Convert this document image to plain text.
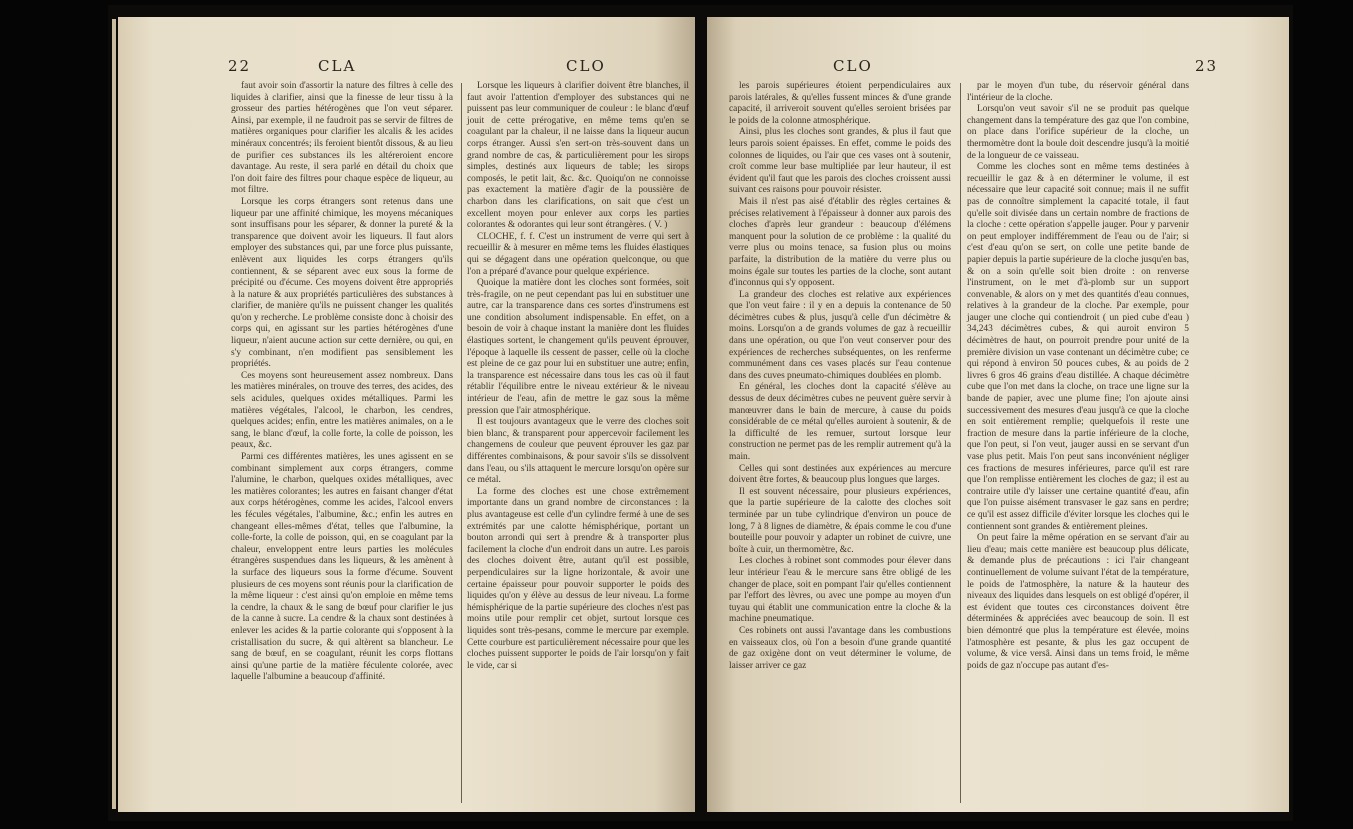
22	CLA	CLO

faut avoir soin d'assortir la nature des filtres à celle des liquides à clarifier, ainsi que la finesse de leur tissu à la grosseur des parties hétérogènes que l'on veut séparer. Ainsi, par exemple, il ne faudroit pas se servir de filtres de matières organiques pour clarifier les alcalis & les acides minéraux concentrés; ils feroient bientôt dissous, & au lieu de purifier ces substances ils les altéreroient encore davantage. Au reste, il sera parlé en détail du choix que l'on doit faire des filtres pour chaque espèce de liqueur, au mot filtre.

Lorsque les corps étrangers sont retenus dans une liqueur par une affinité chimique, les moyens mécaniques sont insuffisans pour les séparer, & donner la pureté & la transparence que doivent avoir les liqueurs. Il faut alors employer des substances qui, par une force plus puissante, enlèvent aux liquides les corps étrangers qu'ils contiennent, & se séparent avec eux sous la forme de précipité ou d'écume. Ces moyens doivent être appropriés à la nature & aux propriétés particulières des substances à clarifier, de manière qu'ils ne puissent changer les qualités qu'on y recherche. Le problème consiste donc à choisir des corps qui, en agissant sur les parties hétérogènes d'une liqueur, n'aient aucune action sur cette dernière, ou qui, en s'y combinant, n'en modifient pas sensiblement les propriétés.

Ces moyens sont heureusement assez nombreux. Dans les matières minérales, on trouve des terres, des acides, des sels acidules, quelques oxides métalliques. Parmi les matières végétales, l'alcool, le charbon, les cendres, quelques acides; enfin, entre les matières animales, on a le sang, le blanc d'œuf, la colle forte, la colle de poisson, les peaux, &c.

Parmi ces différentes matières, les unes agissent en se combinant simplement aux corps étrangers, comme l'alumine, le charbon, quelques oxides métalliques, avec les matières colorantes; les autres en faisant changer d'état aux corps hétérogènes, comme les acides, l'alcool envers les fécules végétales, l'albumine, &c.; enfin les autres en changeant elles-mêmes d'état, telles que l'albumine, la colle-forte, la colle de poisson, qui, en se coagulant par la chaleur, enveloppent entre leurs parties les molécules étrangères suspendues dans les liqueurs, & les amènent à la surface des liqueurs sous la forme d'écume. Souvent plusieurs de ces moyens sont réunis pour la clarification de la même liqueur : c'est ainsi qu'on emploie en même tems la cendre, la chaux & le sang de bœuf pour clarifier le jus de la canne à sucre. La cendre & la chaux sont destinées à enlever les acides & la partie colorante qui s'opposent à la cristallisation du sucre, & qui altèrent sa blancheur. Le sang de bœuf, en se coagulant, réunit les corps flottans ainsi qu'une partie de la matière féculente colorée, avec laquelle l'albumine a beaucoup d'affinité.

Lorsque les liqueurs à clarifier doivent être blanches, il faut avoir l'attention d'employer des substances qui ne puissent pas leur communiquer de couleur : le blanc d'œuf jouit de cette prérogative, en même tems qu'en se coagulant par la chaleur, il ne laisse dans la liqueur aucun corps étranger. Aussi s'en sert-on très-souvent dans un grand nombre de cas, & particulièrement pour les sirops simples, destinés aux liqueurs de table; les sirops composés, le petit lait, &c. &c. Quoiqu'on ne connoisse pas exactement la matière d'agir de la poussière de charbon dans les clarifications, on sait que c'est un excellent moyen pour enlever aux corps les parties colorantes & odorantes qui leur sont étrangères. ( V. )

CLOCHE, f. f. C'est un instrument de verre qui sert à recueillir & à mesurer en même tems les fluides élastiques qui se dégagent dans une opération quelconque, ou que l'on a préparé d'avance pour quelque expérience.

Quoique la matière dont les cloches sont formées, soit très-fragile, on ne peut cependant pas lui en substituer une autre, car la transparence dans ces sortes d'instrumens est une condition absolument indispensable. En effet, on a besoin de voir à chaque instant la manière dont les fluides élastiques sortent, le changement qu'ils peuvent éprouver, l'époque à laquelle ils cessent de passer, celle où la cloche est pleine de ce gaz pour lui en substituer une autre; enfin, la transparence est nécessaire dans tous les cas où il faut rétablir l'équilibre entre le niveau extérieur & le niveau intérieur de l'eau, afin de mettre le gaz sous la même pression que l'air atmosphérique.

Il est toujours avantageux que le verre des cloches soit bien blanc, & transparent pour appercevoir facilement les changemens de couleur que peuvent éprouver les gaz par différentes combinaisons, & pour savoir s'ils se dissolvent dans l'eau, ou s'ils attaquent le mercure lorsqu'on opère sur ce métal.

La forme des cloches est une chose extrêmement importante dans un grand nombre de circonstances : la plus avantageuse est celle d'un cylindre fermé à une de ses extrémités par une calotte hémisphérique, portant un bouton arrondi qui sert à prendre & à transporter plus facilement la cloche d'un endroit dans un autre. Les parois des cloches doivent être, autant qu'il est possible, perpendiculaires sur la ligne horizontale, & avoir une certaine épaisseur pour pouvoir supporter le poids des liquides qu'on y élève au dessus de leur niveau. La forme hémisphérique de la partie supérieure des cloches n'est pas moins utile pour remplir cet objet, surtout lorsque ces liquides sont très-pesans, comme le mercure par exemple. Cette courbure est particulièrement nécessaire pour que les cloches puissent supporter le poids de l'air lorsqu'on y fait le vide, car si

CLO	23

les parois supérieures étoient perpendiculaires aux parois latérales, & qu'elles fussent minces & d'une grande capacité, il arriveroit souvent qu'elles seroient brisées par le poids de la colonne atmosphérique.

Ainsi, plus les cloches sont grandes, & plus il faut que leurs parois soient épaisses. En effet, comme le poids des colonnes de liquides, ou l'air que ces vases ont à soutenir, croît comme leur base multipliée par leur hauteur, il est évident qu'il faut que les parois des cloches croissent aussi suivant ces raisons pour pouvoir résister.

Mais il n'est pas aisé d'établir des règles certaines & précises relativement à l'épaisseur à donner aux parois des cloches d'après leur grandeur : beaucoup d'élémens manquent pour la solution de ce problème : la qualité du verre plus ou moins tenace, sa fusion plus ou moins parfaite, la distribution de la matière du verre plus ou moins égale sur toutes les parties de la cloche, sont autant d'inconnus qui s'y opposent.

La grandeur des cloches est relative aux expériences que l'on veut faire : il y en a depuis la contenance de 50 décimètres cubes & plus, jusqu'à celle d'un décimètre & moins. Lorsqu'on a de grands volumes de gaz à recueillir dans une opération, ou que l'on veut conserver pour des expériences de recherches subséquentes, on les renferme communément dans ces vases placés sur l'eau contenue dans des cuves pneumato-chimiques doublées en plomb.

En général, les cloches dont la capacité s'élève au dessus de deux décimètres cubes ne peuvent guère servir à manœuvrer dans le bain de mercure, à cause du poids considérable de ce métal qu'elles auroient à soutenir, & de la difficulté de les remuer, surtout lorsque leur construction ne permet pas de les remplir autrement qu'à la main.

Celles qui sont destinées aux expériences au mercure doivent être fortes, & beaucoup plus longues que larges.

Il est souvent nécessaire, pour plusieurs expériences, que la partie supérieure de la calotte des cloches soit terminée par un tube cylindrique d'environ un pouce de long, 7 à 8 lignes de diamètre, & épais comme le cou d'une bouteille pour pouvoir y adapter un robinet de cuivre, une boîte à cuir, un thermomètre, &c.

Les cloches à robinet sont commodes pour élever dans leur intérieur l'eau & le mercure sans être obligé de les changer de place, soit en pompant l'air qu'elles contiennent par l'effort des lèvres, ou avec une pompe au moyen d'un tuyau qui établit une communication entre la cloche & la machine pneumatique.

Ces robinets ont aussi l'avantage dans les combustions en vaisseaux clos, où l'on a besoin d'une grande quantité de gaz oxigène dont on veut déterminer le volume, de laisser arriver ce gaz

par le moyen d'un tube, du réservoir général dans l'intérieur de la cloche.

Lorsqu'on veut savoir s'il ne se produit pas quelque changement dans la température des gaz que l'on combine, on place dans l'orifice supérieur de la cloche, un thermomètre dont la boule doit descendre jusqu'à la moitié de la longueur de ce vaisseau.

Comme les cloches sont en même tems destinées à recueillir le gaz & à en déterminer le volume, il est nécessaire que leur capacité soit connue; mais il ne suffit pas de connoître simplement la capacité totale, il faut qu'elle soit divisée dans un certain nombre de fractions de la cloche : cette opération s'appelle jauger. Pour y parvenir on peut employer indifféremment de l'eau ou de l'air; si c'est d'eau qu'on se sert, on colle une petite bande de papier depuis la partie supérieure de la cloche jusqu'en bas, & on a soin qu'elle soit bien droite : on renverse l'instrument, on le met d'à-plomb sur un support convenable, & alors on y met des quantités d'eau connues, relatives à la grandeur de la cloche. Par exemple, pour jauger une cloche qui contiendroit ( un pied cube d'eau ) 34,243 décimètres cubes, & qui auroit environ 5 décimètres de haut, on pourroit prendre pour unité de la première division un vase contenant un décimètre cube; ce qui répond à environ 50 pouces cubes, & au poids de 2 livres 6 gros 46 grains d'eau distillée. A chaque décimètre cube que l'on met dans la cloche, on trace une ligne sur la bande de papier, avec une plume fine; l'on ajoute ainsi successivement des mesures d'eau jusqu'à ce que la cloche en soit entièrement remplie; quelquefois il reste une fraction de mesure dans la partie inférieure de la cloche, que l'on peut, si l'on veut, jauger aussi en se servant d'un vase plus petit. Mais l'on peut sans inconvénient négliger ces fractions de mesures inférieures, parce qu'il est rare que l'on remplisse entièrement les cloches de gaz; il est au contraire utile d'y laisser une certaine quantité d'eau, afin que l'on puisse aisément transvaser le gaz sans en perdre; ce qu'il est assez difficile d'éviter lorsque les cloches qui le contiennent sont grandes & entièrement pleines.

On peut faire la même opération en se servant d'air au lieu d'eau; mais cette manière est beaucoup plus délicate, & demande plus de précautions : ici l'air changeant continuellement de volume suivant l'état de la température, le poids de l'atmosphère, la nature & la hauteur des niveaux des liquides dans lesquels on est obligé d'opérer, il est évident que toutes ces circonstances doivent être déterminées & appréciées avec beaucoup de soin. Il est bien démontré que plus la température est élevée, moins l'atmosphère est pesante, & plus les gaz occupent de volume, & vice versâ. Ainsi dans un tems froid, le même poids de gaz n'occupe pas autant d'es-
